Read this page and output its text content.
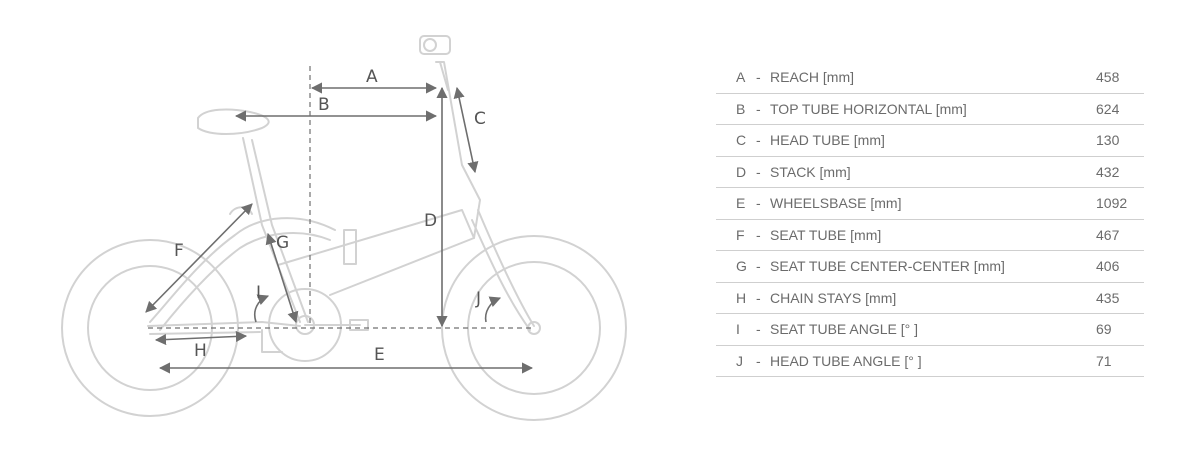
A
B
C
D
E
F	G
H
I	J
A - REACH [mm]	458
B - TOP TUBE HORIZONTAL [mm]	624
C - HEAD TUBE [mm]	130
D - STACK [mm]	432
E - WHEELSBASE [mm]	1092
F - SEAT TUBE [mm]	467
G - SEAT TUBE CENTER-CENTER [mm]	406
H - CHAIN STAYS [mm]	435
I	- SEAT TUBE ANGLE [° ]	69
J - HEAD TUBE ANGLE [° ]	71
